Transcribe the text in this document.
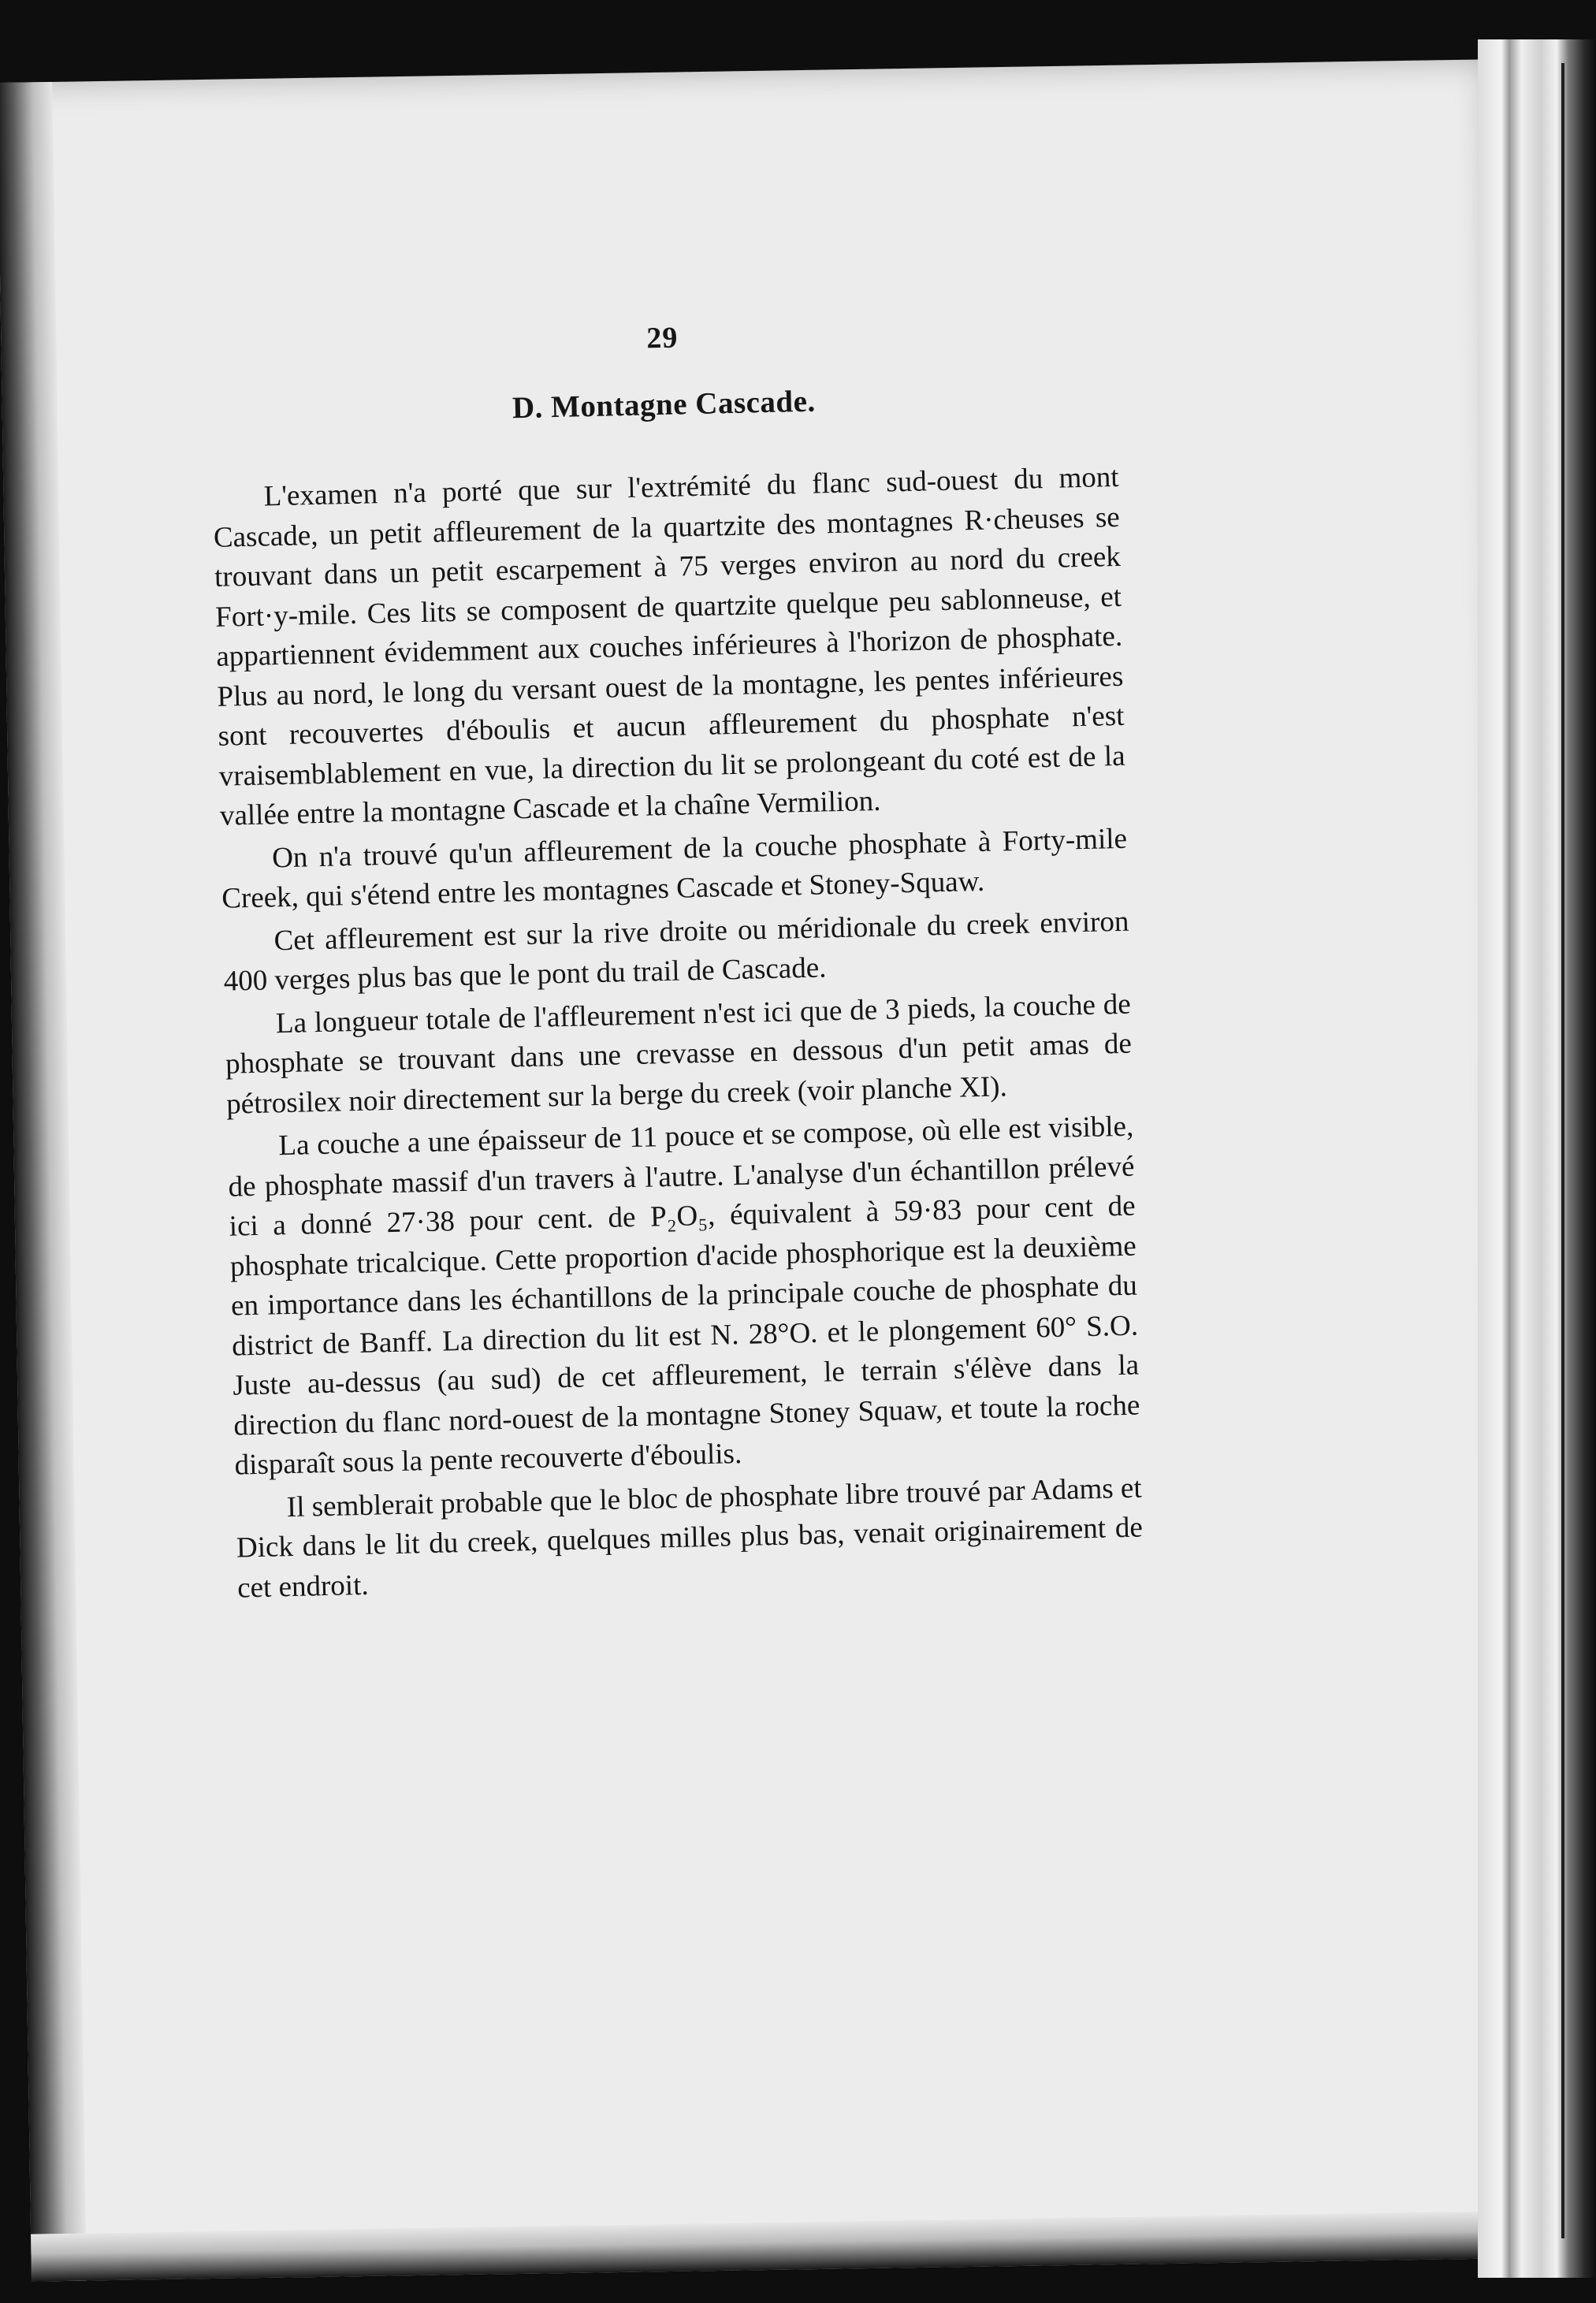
29
D. Montagne Cascade.

L'examen n'a porté que sur l'extrémité du flanc sud-ouest du mont Cascade, un petit affleurement de la quartzite des montagnes R·cheuses se trouvant dans un petit escarpement à 75 verges environ au nord du creek Fort·y-mile. Ces lits se composent de quartzite quelque peu sablonneuse, et appartiennent évidemment aux couches inférieures à l'horizon de phosphate. Plus au nord, le long du versant ouest de la montagne, les pentes inférieures sont recouvertes d'éboulis et aucun affleurement du phosphate n'est vraisemblablement en vue, la direction du lit se prolongeant du coté est de la vallée entre la montagne Cascade et la chaîne Vermilion.

On n'a trouvé qu'un affleurement de la couche phosphate à Forty-mile Creek, qui s'étend entre les montagnes Cascade et Stoney-Squaw.

Cet affleurement est sur la rive droite ou méridionale du creek environ 400 verges plus bas que le pont du trail de Cascade.

La longueur totale de l'affleurement n'est ici que de 3 pieds, la couche de phosphate se trouvant dans une crevasse en dessous d'un petit amas de pétrosilex noir directement sur la berge du creek (voir planche XI).

La couche a une épaisseur de 11 pouce et se compose, où elle est visible, de phosphate massif d'un travers à l'autre. L'analyse d'un échantillon prélevé ici a donné 27·38 pour cent. de P₂O₅, équivalent à 59·83 pour cent de phosphate tricalcique. Cette proportion d'acide phosphorique est la deuxième en importance dans les échantillons de la principale couche de phosphate du district de Banff. La direction du lit est N. 28°O. et le plongement 60° S.O. Juste au-dessus (au sud) de cet affleurement, le terrain s'élève dans la direction du flanc nord-ouest de la montagne Stoney Squaw, et toute la roche disparaît sous la pente recouverte d'éboulis.

Il semblerait probable que le bloc de phosphate libre trouvé par Adams et Dick dans le lit du creek, quelques milles plus bas, venait originairement de cet endroit.
